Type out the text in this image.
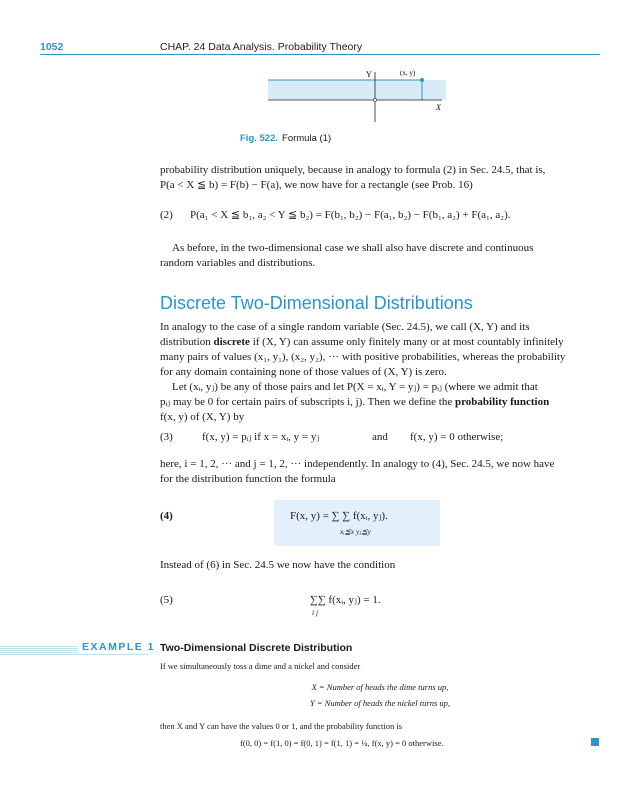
1052	CHAP. 24 Data Analysis. Probability Theory
Y
X
(x, y)
Fig. 522. Formula (1)
probability distribution uniquely, because in analogy to formula (2) in Sec. 24.5, that is,
P(a < X ≦ b) = F(b) − F(a), we now have for a rectangle (see Prob. 16)
(2) P(a₁ < X ≦ b₁, a₂ < Y ≦ b₂) = F(b₁, b₂) − F(a₁, b₂) − F(b₁, a₂) + F(a₁, a₂).
As before, in the two-dimensional case we shall also have discrete and continuous
random variables and distributions.
Discrete Two-Dimensional Distributions
In analogy to the case of a single random variable (Sec. 24.5), we call (X, Y) and its
distribution discrete if (X, Y) can assume only finitely many or at most countably infinitely
many pairs of values (x₁, y₁), (x₂, y₂), ··· with positive probabilities, whereas the probability
for any domain containing none of those values of (X, Y) is zero.
Let (xᵢ, yⱼ) be any of those pairs and let P(X = xᵢ, Y = yⱼ) = pᵢⱼ (where we admit that
pᵢⱼ may be 0 for certain pairs of subscripts i, j). Then we define the probability function
f(x, y) of (X, Y) by
(3)	f(x, y) = pᵢⱼ if x = xᵢ, y = yⱼ	and f(x, y) = 0 otherwise;
here, i = 1, 2, ··· and j = 1, 2, ··· independently. In analogy to (4), Sec. 24.5, we now have
for the distribution function the formula
(4)	F(x, y) = ∑ ∑ f(xᵢ, yⱼ).
xᵢ≦x yⱼ≦y
Instead of (6) in Sec. 24.5 we now have the condition
(5)	∑∑ f(xᵢ, yⱼ) = 1.
i j
EXAMPLE 1 Two-Dimensional Discrete Distribution
If we simultaneously toss a dime and a nickel and consider
X = Number of heads the dime turns up,
Y = Number of heads the nickel turns up,
then X and Y can have the values 0 or 1, and the probability function is
f(0, 0) = f(1, 0) = f(0, 1) = f(1, 1) = ¼, f(x, y) = 0 otherwise.
